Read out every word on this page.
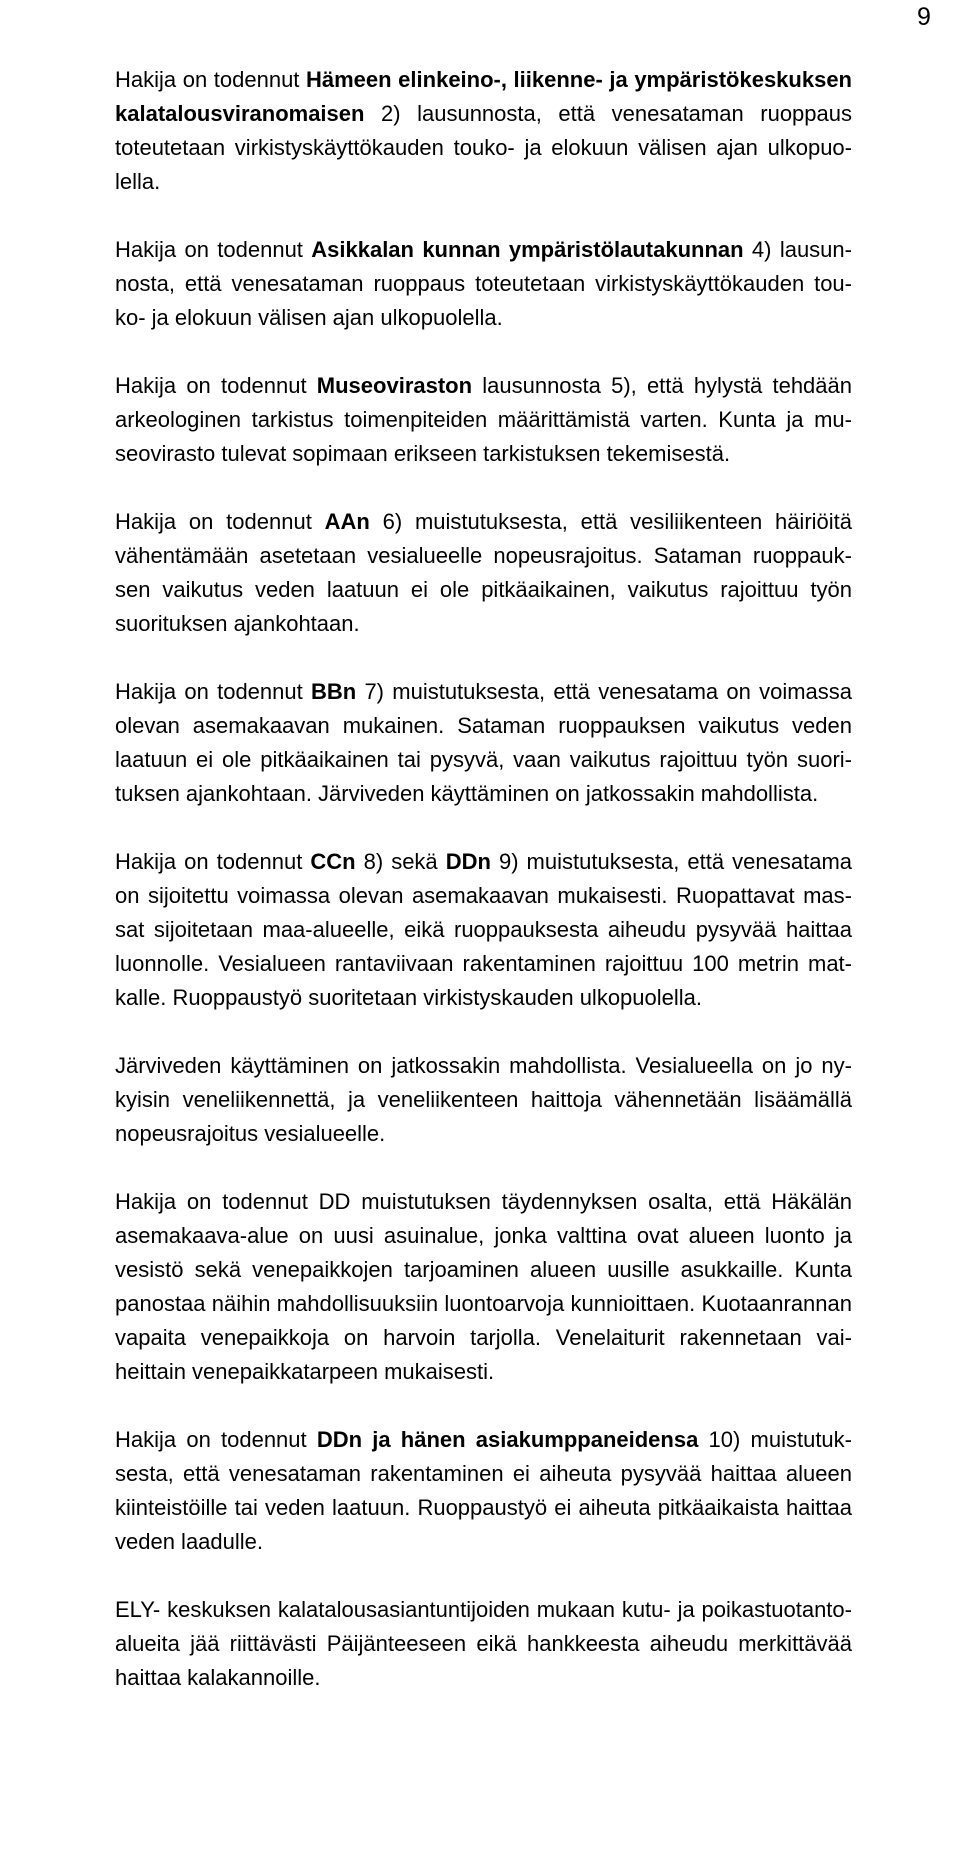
9

Hakija on todennut Hämeen elinkeino-, liikenne- ja ympäristökeskuksen kalatalousviranomaisen 2) lausunnosta, että venesataman ruoppaus toteutetaan virkistyskäyttökauden touko- ja elokuun välisen ajan ulkopuolella.

Hakija on todennut Asikkalan kunnan ympäristölautakunnan 4) lausunnosta, että venesataman ruoppaus toteutetaan virkistyskäyttökauden touko- ja elokuun välisen ajan ulkopuolella.

Hakija on todennut Museoviraston lausunnosta 5), että hylystä tehdään arkeologinen tarkistus toimenpiteiden määrittämistä varten. Kunta ja museovirasto tulevat sopimaan erikseen tarkistuksen tekemisestä.

Hakija on todennut AAn 6) muistutuksesta, että vesiliikenteen häiriöitä vähentämään asetetaan vesialueelle nopeusrajoitus. Sataman ruoppauksen vaikutus veden laatuun ei ole pitkäaikainen, vaikutus rajoittuu työn suorituksen ajankohtaan.

Hakija on todennut BBn 7) muistutuksesta, että venesatama on voimassa olevan asemakaavan mukainen. Sataman ruoppauksen vaikutus veden laatuun ei ole pitkäaikainen tai pysyvä, vaan vaikutus rajoittuu työn suorituksen ajankohtaan. Järviveden käyttäminen on jatkossakin mahdollista.

Hakija on todennut CCn 8) sekä DDn 9) muistutuksesta, että venesatama on sijoitettu voimassa olevan asemakaavan mukaisesti. Ruopattavat massat sijoitetaan maa-alueelle, eikä ruoppauksesta aiheudu pysyvää haittaa luonnolle. Vesialueen rantaviivaan rakentaminen rajoittuu 100 metrin matkalle. Ruoppaustyö suoritetaan virkistyskauden ulkopuolella.

Järviveden käyttäminen on jatkossakin mahdollista. Vesialueella on jo nykyisin veneliikennettä, ja veneliikenteen haittoja vähennetään lisäämällä nopeusrajoitus vesialueelle.

Hakija on todennut DD muistutuksen täydennyksen osalta, että Häkälän asemakaava-alue on uusi asuinalue, jonka valttina ovat alueen luonto ja vesistö sekä venepaikkojen tarjoaminen alueen uusille asukkaille. Kunta panostaa näihin mahdollisuuksiin luontoarvoja kunnioittaen. Kuotaanrannan vapaita venepaikkoja on harvoin tarjolla. Venelaiturit rakennetaan vaiheittain venepaikkatarpeen mukaisesti.

Hakija on todennut DDn ja hänen asiakumppaneidensa 10) muistutuksesta, että venesataman rakentaminen ei aiheuta pysyvää haittaa alueen kiinteistöille tai veden laatuun. Ruoppaustyö ei aiheuta pitkäaikaista haittaa veden laadulle.

ELY- keskuksen kalatalousasiantuntijoiden mukaan kutu- ja poikastuotanto-alueita jää riittävästi Päijänteeseen eikä hankkeesta aiheudu merkittävää haittaa kalakannoille.
